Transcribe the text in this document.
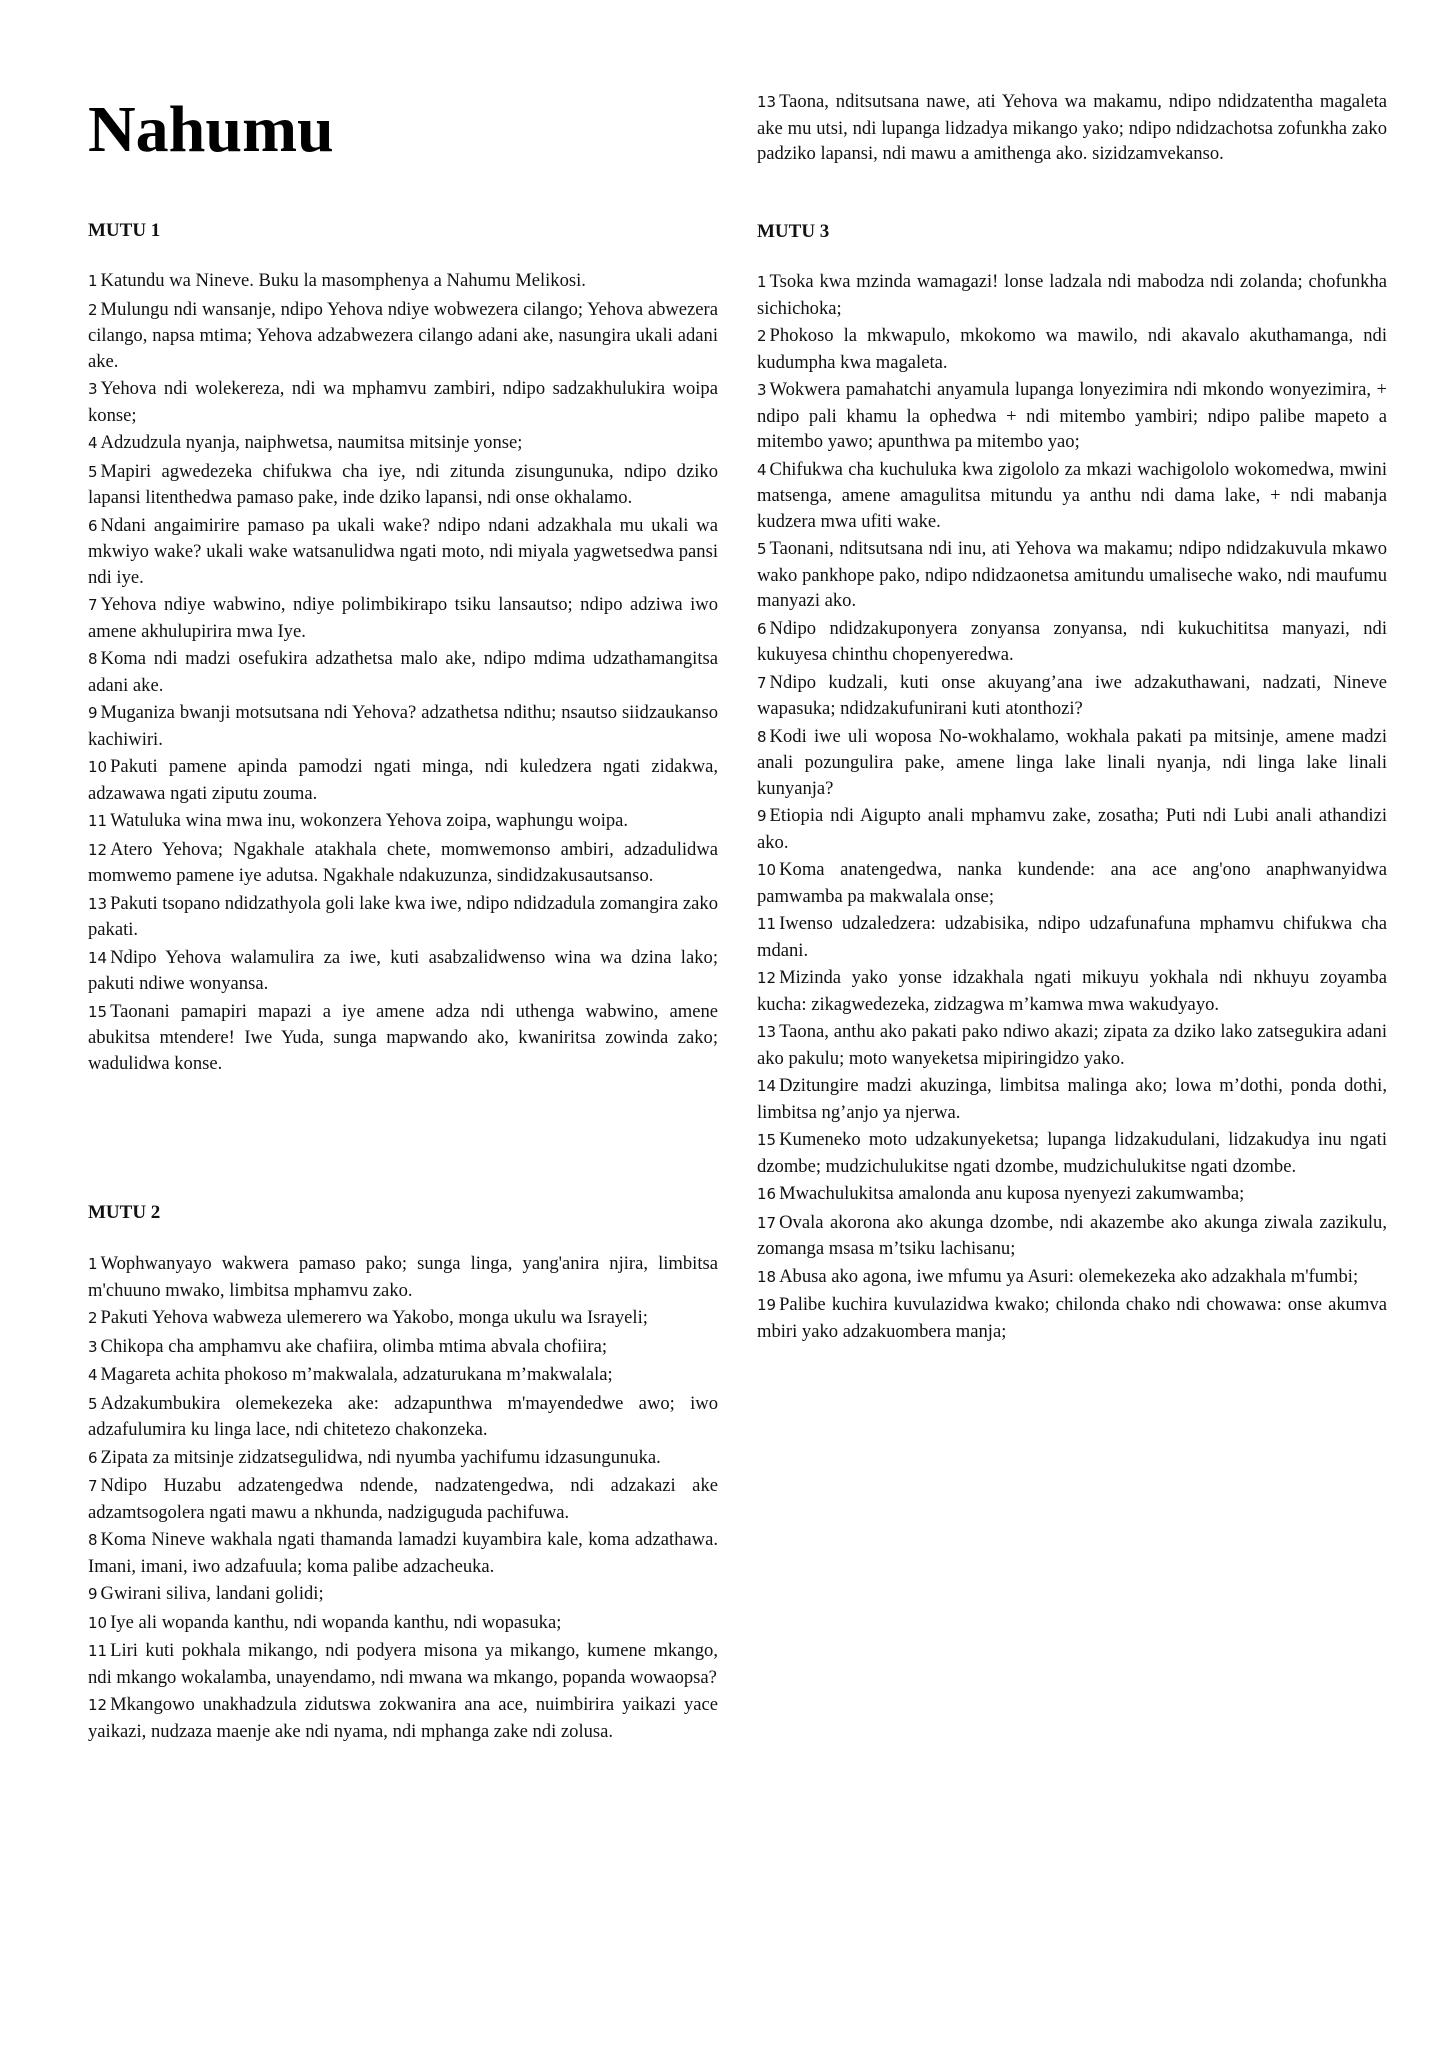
Nahumu
MUTU 1
1 Katundu wa Nineve. Buku la masomphenya a Nahumu Melikosi.
2 Mulungu ndi wansanje, ndipo Yehova ndiye wobwezera cilango; Yehova abwezera cilango, napsa mtima; Yehova adzabwezera cilango adani ake, nasungira ukali adani ake.
3 Yehova ndi wolekereza, ndi wa mphamvu zambiri, ndipo sadzakhulukira woipa konse;
4 Adzudzula nyanja, naiphwetsa, naumitsa mitsinje yonse;
5 Mapiri agwedezeka chifukwa cha iye, ndi zitunda zisungunuka, ndipo dziko lapansi litenthedwa pamaso pake, inde dziko lapansi, ndi onse okhalamo.
6 Ndani angaimirire pamaso pa ukali wake? ndipo ndani adzakhala mu ukali wa mkwiyo wake? ukali wake watsanulidwa ngati moto, ndi miyala yagwetsedwa pansi ndi iye.
7 Yehova ndiye wabwino, ndiye polimbikirapo tsiku lansautso; ndipo adziwa iwo amene akhulupirira mwa Iye.
8 Koma ndi madzi osefukira adzathetsa malo ake, ndipo mdima udzathamangitsa adani ake.
9 Muganiza bwanji motsutsana ndi Yehova? adzathetsa ndithu; nsautso siidzaukanso kachiwiri.
10 Pakuti pamene apinda pamodzi ngati minga, ndi kuledzera ngati zidakwa, adzawawa ngati ziputu zouma.
11 Watuluka wina mwa inu, wokonzera Yehova zoipa, waphungu woipa.
12 Atero Yehova; Ngakhale atakhala chete, momwemonso ambiri, adzadulidwa momwemo pamene iye adutsa. Ngakhale ndakuzunza, sindidzakusautsanso.
13 Pakuti tsopano ndidzathyola goli lake kwa iwe, ndipo ndidzadula zomangira zako pakati.
14 Ndipo Yehova walamulira za iwe, kuti asabzalidwenso wina wa dzina lako; pakuti ndiwe wonyansa.
15 Taonani pamapiri mapazi a iye amene adza ndi uthenga wabwino, amene abukitsa mtendere! Iwe Yuda, sunga mapwando ako, kwaniritsa zowinda zako; wadulidwa konse.
MUTU 2
1 Wophwanyayo wakwera pamaso pako; sunga linga, yang'anira njira, limbitsa m'chuuno mwako, limbitsa mphamvu zako.
2 Pakuti Yehova wabweza ulemerero wa Yakobo, monga ukulu wa Israyeli;
3 Chikopa cha amphamvu ake chafiira, olimba mtima abvala chofiira;
4 Magareta achita phokoso m’makwalala, adzaturukana m’makwalala;
5 Adzakumbukira olemekezeka ake: adzapunthwa m'mayendedwe awo; iwo adzafulumira ku linga lace, ndi chitetezo chakonzeka.
6 Zipata za mitsinje zidzatsegulidwa, ndi nyumba yachifumu idzasungunuka.
7 Ndipo Huzabu adzatengedwa ndende, nadzatengedwa, ndi adzakazi ake adzamtsogolera ngati mawu a nkhunda, nadziguguda pachifuwa.
8 Koma Nineve wakhala ngati thamanda lamadzi kuyambira kale, koma adzathawa. Imani, imani, iwo adzafuula; koma palibe adzacheuka.
9 Gwirani siliva, landani golidi;
10 Iye ali wopanda kanthu, ndi wopanda kanthu, ndi wopasuka;
11 Liri kuti pokhala mikango, ndi podyera misona ya mikango, kumene mkango, ndi mkango wokalamba, unayendamo, ndi mwana wa mkango, popanda wowaopsa?
12 Mkangowo unakhadzula zidutswa zokwanira ana ace, nuimbirira yaikazi yace yaikazi, nudzaza maenje ake ndi nyama, ndi mphanga zake ndi zolusa.
13 Taona, nditsutsana nawe, ati Yehova wa makamu, ndipo ndidzatentha magaleta ake mu utsi, ndi lupanga lidzadya mikango yako; ndipo ndidzachotsa zofunkha zako padziko lapansi, ndi mawu a amithenga ako. sizidzamvekanso.
MUTU 3
1 Tsoka kwa mzinda wamagazi! lonse ladzala ndi mabodza ndi zolanda; chofunkha sichichoka;
2 Phokoso la mkwapulo, mkokomo wa mawilo, ndi akavalo akuthamanga, ndi kudumpha kwa magaleta.
3 Wokwera pamahatchi anyamula lupanga lonyezimira ndi mkondo wonyezimira, + ndipo pali khamu la ophedwa + ndi mitembo yambiri; ndipo palibe mapeto a mitembo yawo; apunthwa pa mitembo yao;
4 Chifukwa cha kuchuluka kwa zigololo za mkazi wachigololo wokomedwa, mwini matsenga, amene amagulitsa mitundu ya anthu ndi dama lake, + ndi mabanja kudzera mwa ufiti wake.
5 Taonani, nditsutsana ndi inu, ati Yehova wa makamu; ndipo ndidzakuvula mkawo wako pankhope pako, ndipo ndidzaonetsa amitundu umaliseche wako, ndi maufumu manyazi ako.
6 Ndipo ndidzakuponyera zonyansa zonyansa, ndi kukuchititsa manyazi, ndi kukuyesa chinthu chopenyeredwa.
7 Ndipo kudzali, kuti onse akuyang’ana iwe adzakuthawani, nadzati, Nineve wapasuka; ndidzakufunirani kuti atonthozi?
8 Kodi iwe uli woposa No-wokhalamo, wokhala pakati pa mitsinje, amene madzi anali pozungulira pake, amene linga lake linali nyanja, ndi linga lake linali kunyanja?
9 Etiopia ndi Aigupto anali mphamvu zake, zosatha; Puti ndi Lubi anali athandizi ako.
10 Koma anatengedwa, nanka kundende: ana ace ang'ono anaphwanyidwa pamwamba pa makwalala onse;
11 Iwenso udzaledzera: udzabisika, ndipo udzafunafuna mphamvu chifukwa cha mdani.
12 Mizinda yako yonse idzakhala ngati mikuyu yokhala ndi nkhuyu zoyamba kucha: zikagwedezeka, zidzagwa m’kamwa mwa wakudyayo.
13 Taona, anthu ako pakati pako ndiwo akazi; zipata za dziko lako zatsegukira adani ako pakulu; moto wanyeketsa mipiringidzo yako.
14 Dzitungire madzi akuzinga, limbitsa malinga ako; lowa m’dothi, ponda dothi, limbitsa ng’anjo ya njerwa.
15 Kumeneko moto udzakunyeketsa; lupanga lidzakudulani, lidzakudya inu ngati dzombe; mudzichulukitse ngati dzombe, mudzichulukitse ngati dzombe.
16 Mwachulukitsa amalonda anu kuposa nyenyezi zakumwamba;
17 Ovala akorona ako akunga dzombe, ndi akazembe ako akunga ziwala zazikulu, zomanga msasa m’tsiku lachisanu;
18 Abusa ako agona, iwe mfumu ya Asuri: olemekezeka ako adzakhala m'fumbi;
19 Palibe kuchira kuvulazidwa kwako; chilonda chako ndi chowawa: onse akumva mbiri yako adzakuombera manja;
